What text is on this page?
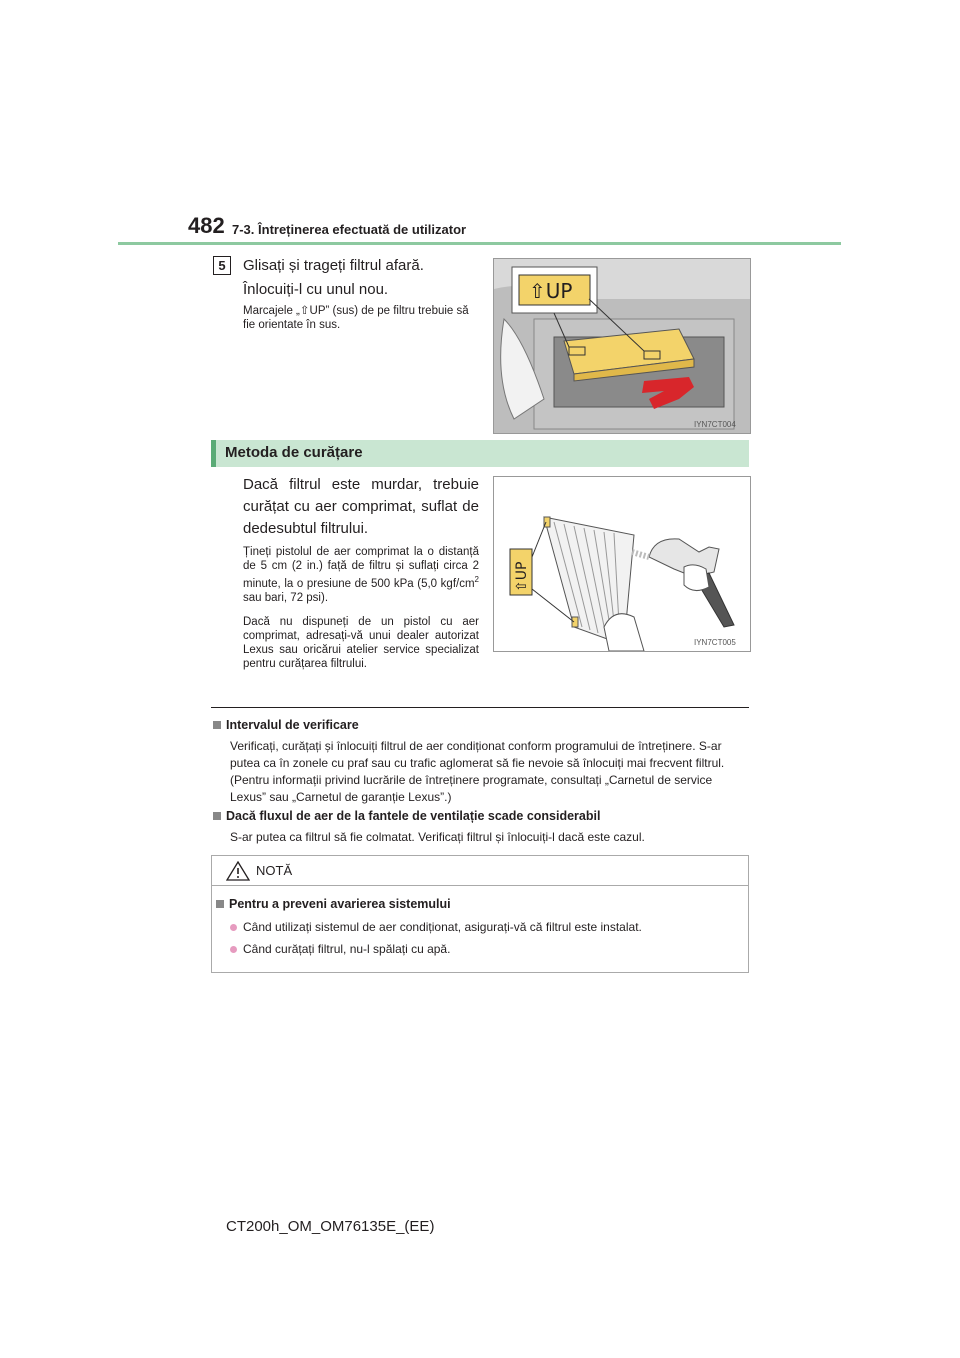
482 7-3. Întreținerea efectuată de utilizator
5	Glisați și trageți filtrul afară. Înlocuiți-l cu unul nou.
Marcajele „⇧UP” (sus) de pe filtru trebuie să fie orientate în sus.
⇧UP
IYN7CT004
Metoda de curățare
Dacă filtrul este murdar, trebuie curățat cu aer comprimat, suflat de dedesubtul filtrului.
Țineți pistolul de aer comprimat la o distanță de 5 cm (2 in.) față de filtru și suflați circa 2 minute, la o presiune de 500 kPa (5,0 kgf/$cm^2$ sau bari, 72 psi).
Dacă nu dispuneți de un pistol cu aer comprimat, adresați-vă unui dealer autorizat Lexus sau oricărui atelier service specializat pentru curățarea filtrului.
⇧UP
IYN7CT005
Intervalul de verificare
Verificați, curățați și înlocuiți filtrul de aer condiționat conform programului de întreținere. S-ar putea ca în zonele cu praf sau cu trafic aglomerat să fie nevoie să înlocuiți mai frecvent filtrul. (Pentru informații privind lucrările de întreținere programate, consultați „Carnetul de service Lexus” sau „Carnetul de garanție Lexus”.)
Dacă fluxul de aer de la fantele de ventilație scade considerabil
S-ar putea ca filtrul să fie colmatat. Verificați filtrul și înlocuiți-l dacă este cazul.
NOTĂ
Pentru a preveni avarierea sistemului
Când utilizați sistemul de aer condiționat, asigurați-vă că filtrul este instalat.
Când curățați filtrul, nu-l spălați cu apă.
CT200h_OM_OM76135E_(EE)
